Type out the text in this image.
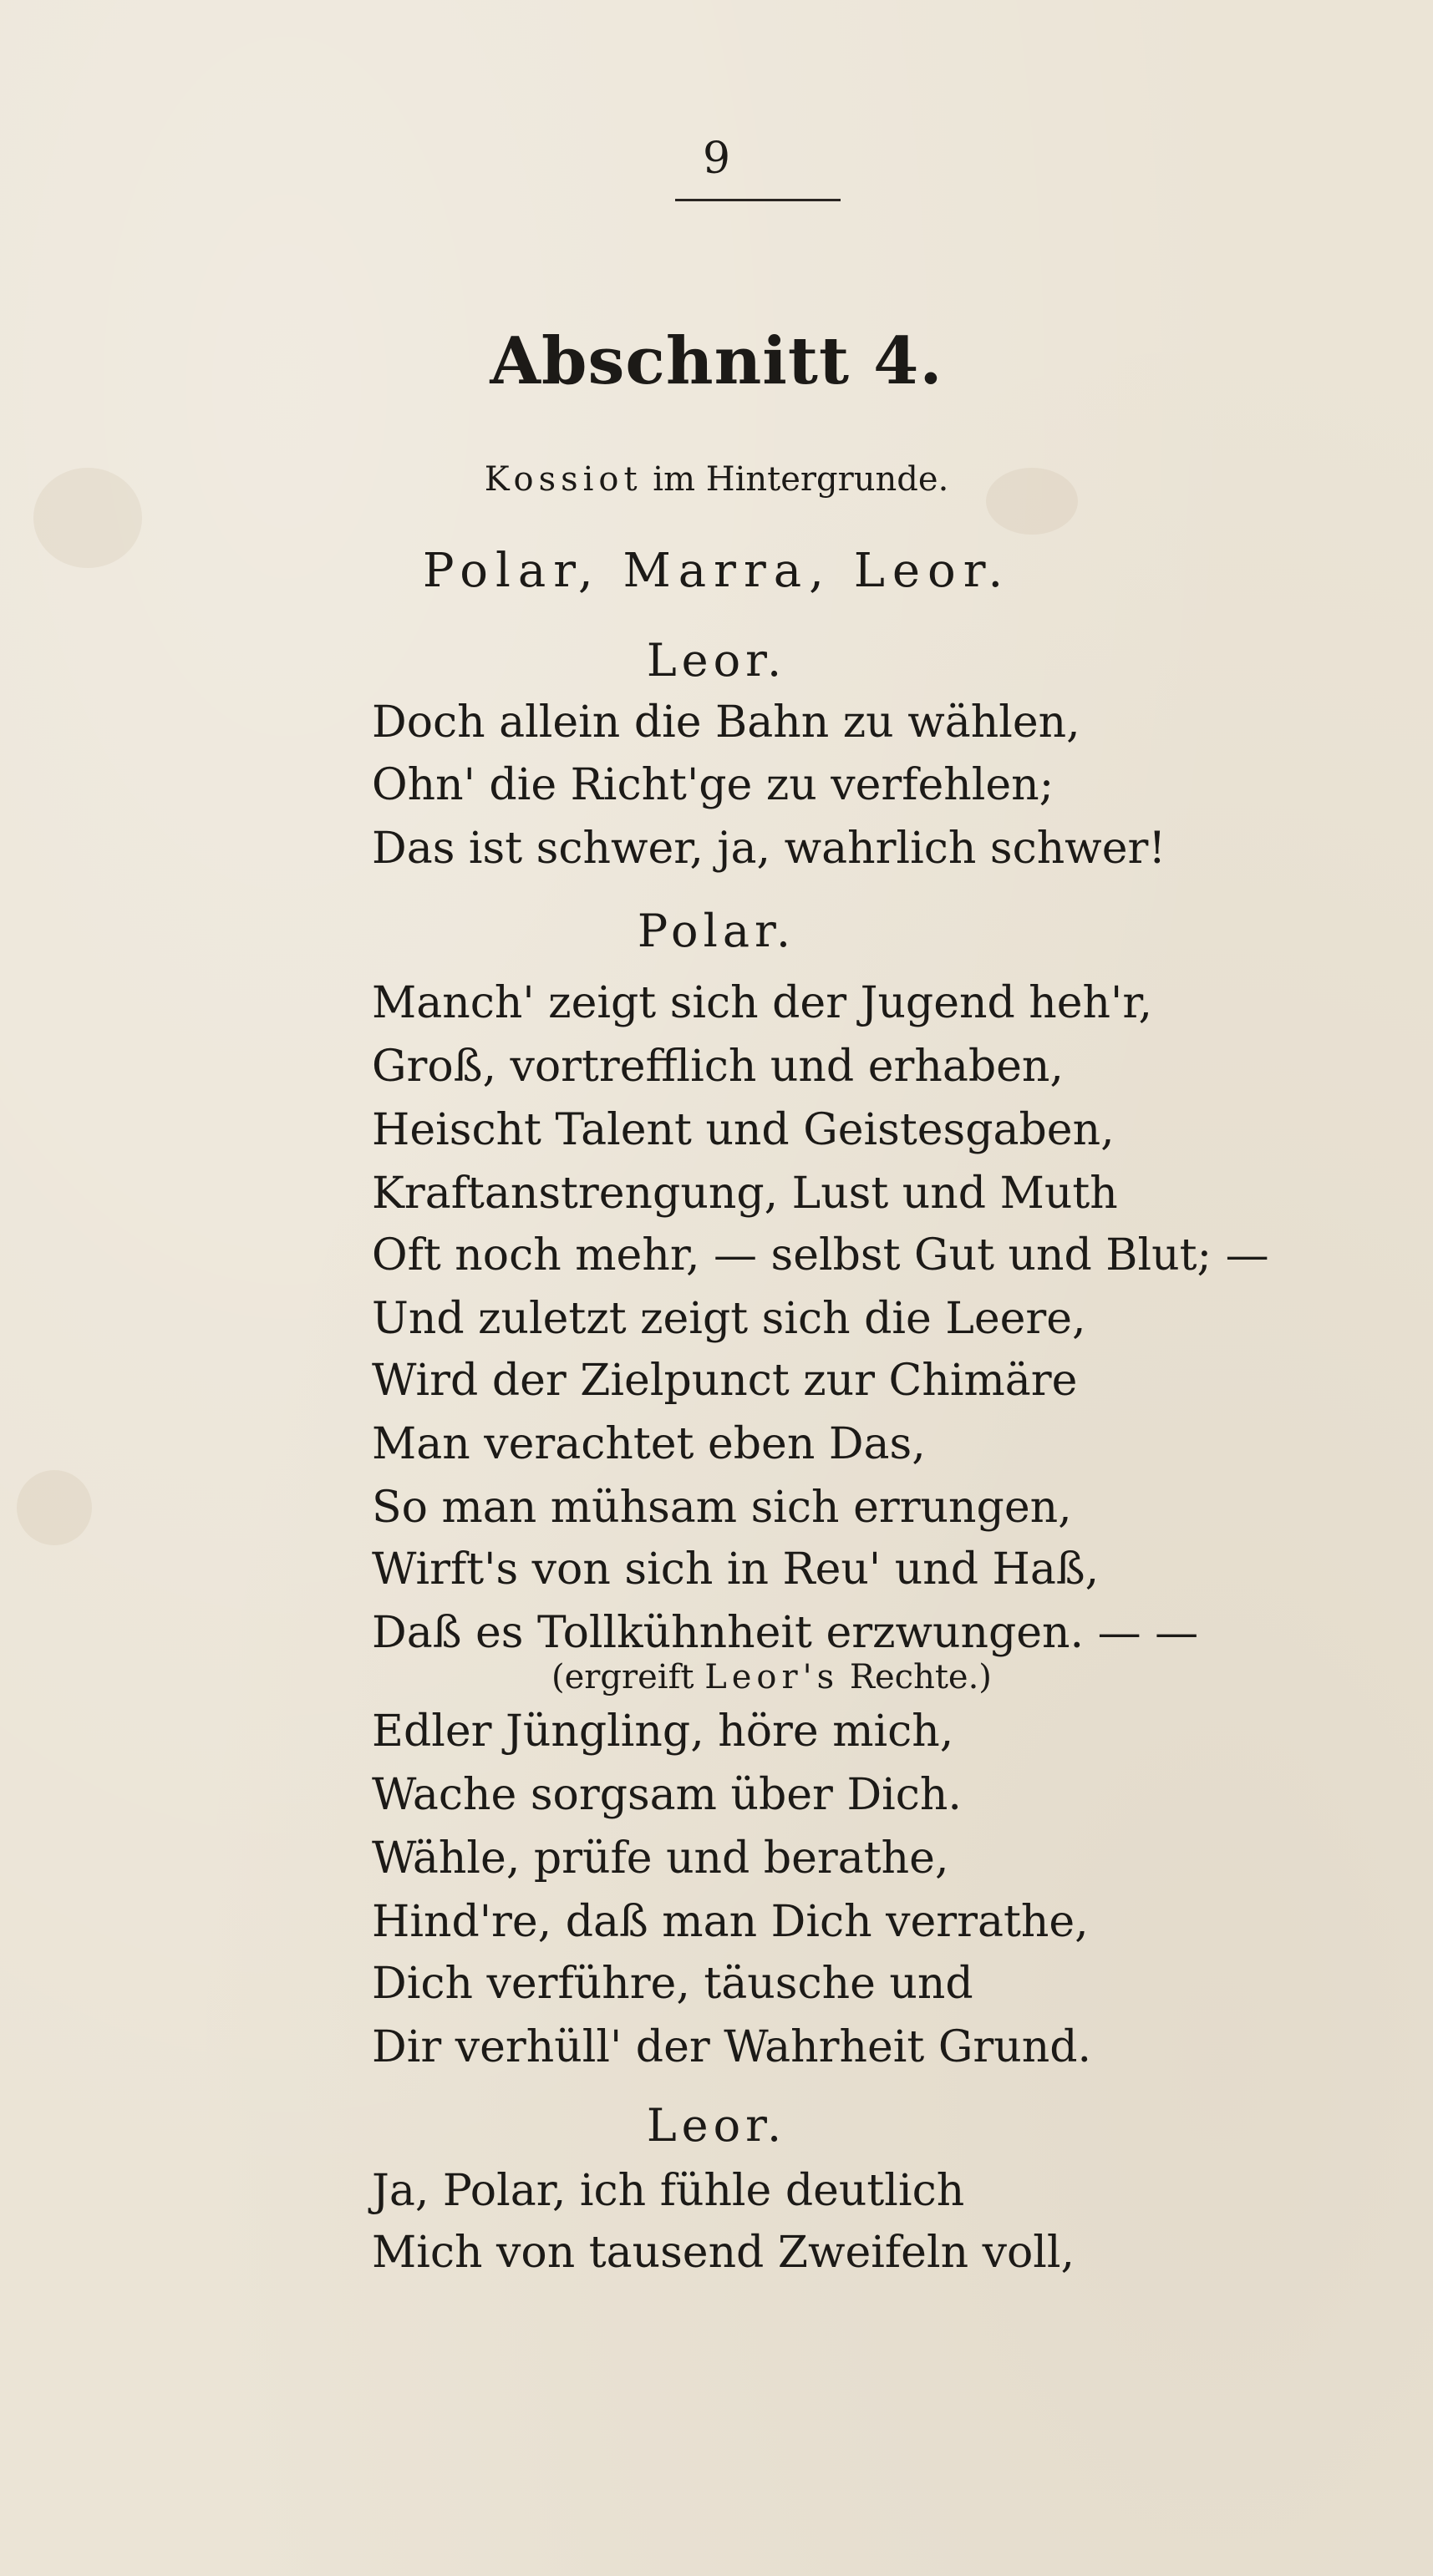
9
Abschnitt 4.
Kossiot im Hintergrunde.
Polar, Marra, Leor.
Leor.
Doch allein die Bahn zu wählen,
Ohn' die Richt'ge zu verfehlen;
Das ist schwer, ja, wahrlich schwer!
Polar.
Manch' zeigt sich der Jugend heh'r,
Groß, vortrefflich und erhaben,
Heischt Talent und Geistesgaben,
Kraftanstrengung, Lust und Muth
Oft noch mehr, — selbst Gut und Blut; —
Und zuletzt zeigt sich die Leere,
Wird der Zielpunct zur Chimäre
Man verachtet eben Das,
So man mühsam sich errungen,
Wirft's von sich in Reu' und Haß,
Daß es Tollkühnheit erzwungen. — —
(ergreift Leor's Rechte.)
Edler Jüngling, höre mich,
Wache sorgsam über Dich.
Wähle, prüfe und berathe,
Hind're, daß man Dich verrathe,
Dich verführe, täusche und
Dir verhüll' der Wahrheit Grund.
Leor.
Ja, Polar, ich fühle deutlich
Mich von tausend Zweifeln voll,
